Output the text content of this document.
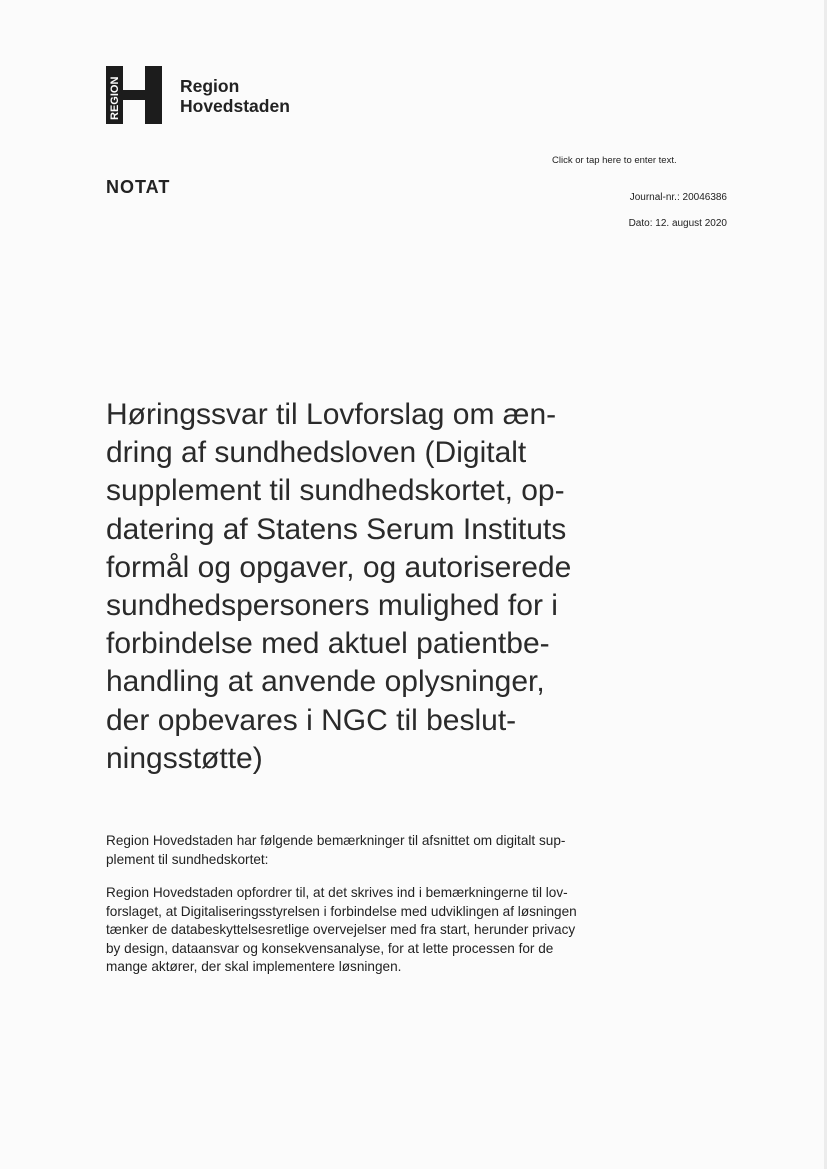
REGION	Region
Hovedstaden
Click or tap here to enter text.
NOTAT
Journal-nr.: 20046386
Dato: 12. august 2020
Høringssvar til Lovforslag om æn-
dring af sundhedsloven (Digitalt
supplement til sundhedskortet, op-
datering af Statens Serum Instituts
formål og opgaver, og autoriserede
sundhedspersoners mulighed for i
forbindelse med aktuel patientbe-
handling at anvende oplysninger,
der opbevares i NGC til beslut-
ningsstøtte)

Region Hovedstaden har følgende bemærkninger til afsnittet om digitalt sup-
plement til sundhedskortet:

Region Hovedstaden opfordrer til, at det skrives ind i bemærkningerne til lov-
forslaget, at Digitaliseringsstyrelsen i forbindelse med udviklingen af løsningen
tænker de databeskyttelsesretlige overvejelser med fra start, herunder privacy
by design, dataansvar og konsekvensanalyse, for at lette processen for de
mange aktører, der skal implementere løsningen.
